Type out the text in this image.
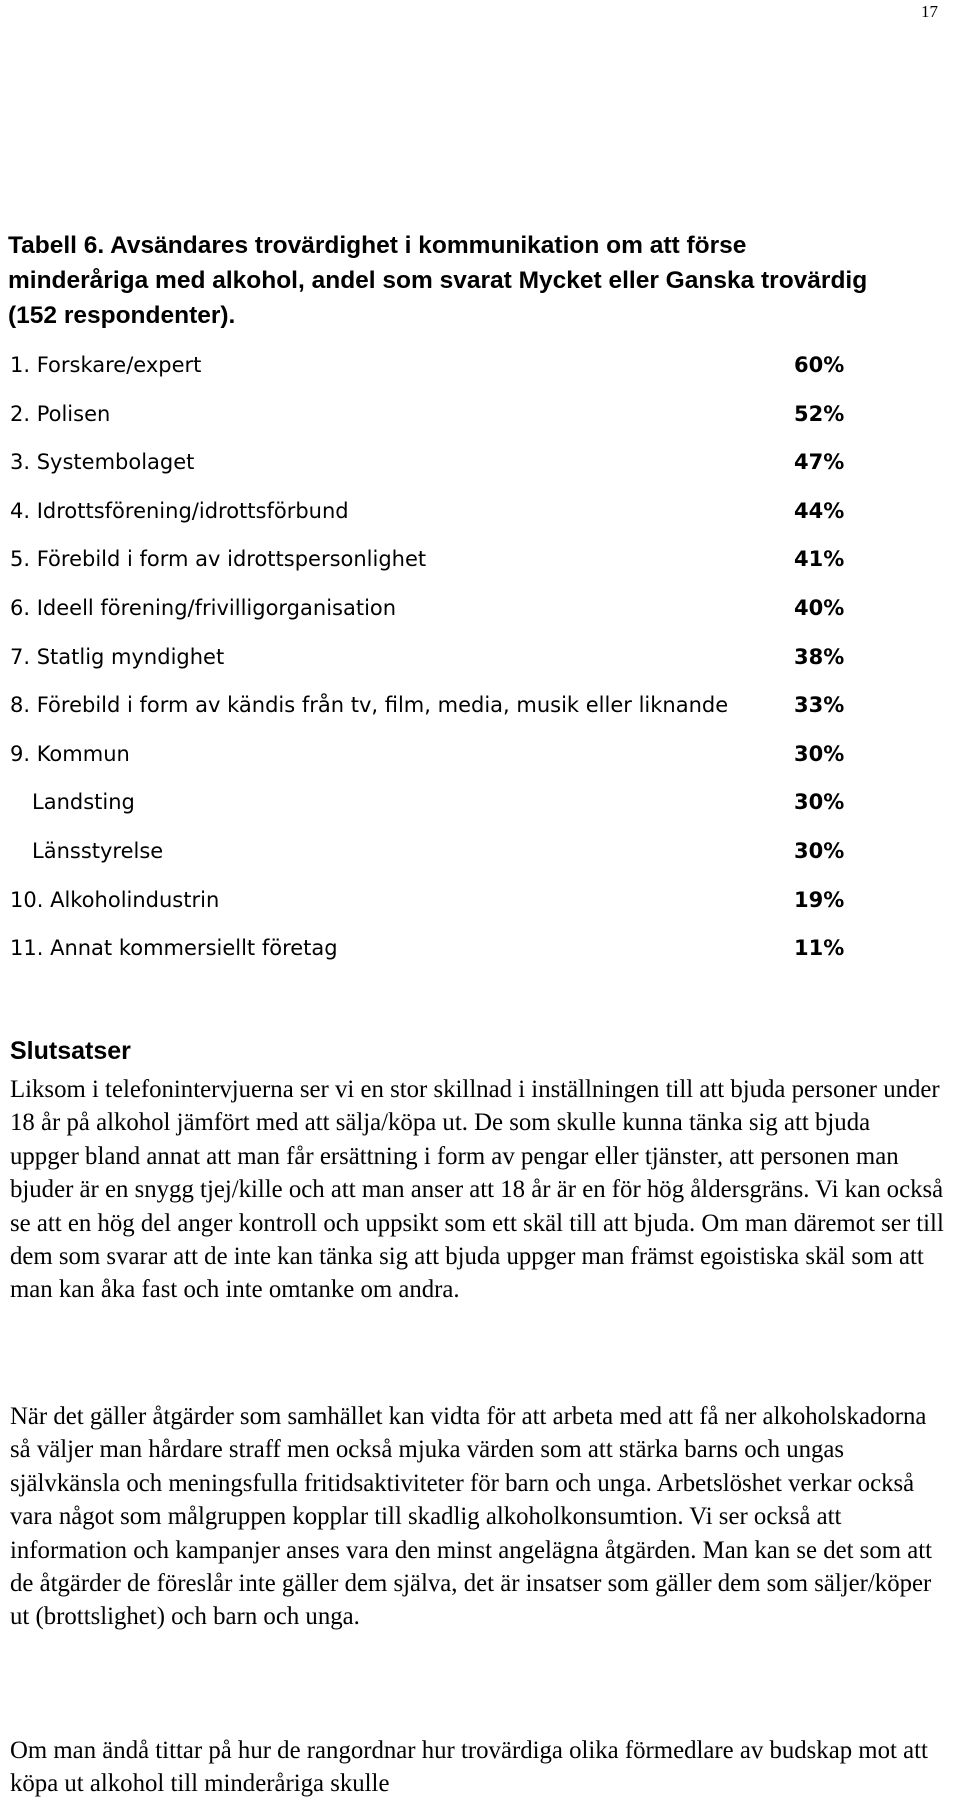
17
Tabell 6. Avsändares trovärdighet i kommunikation om att förse minderåriga med alkohol, andel som svarat Mycket eller Ganska trovärdig (152 respondenter).
1. Forskare/expert	60%
2. Polisen	52%
3. Systembolaget	47%
4. Idrottsförening/idrottsförbund	44%
5. Förebild i form av idrottspersonlighet	41%
6. Ideell förening/frivilligorganisation	40%
7. Statlig myndighet	38%
8. Förebild i form av kändis från tv, film, media, musik eller liknande	33%
9. Kommun	30%
Landsting	30%
Länsstyrelse	30%
10. Alkoholindustrin	19%
11. Annat kommersiellt företag	11%
Slutsatser

Liksom i telefonintervjuerna ser vi en stor skillnad i inställningen till att bjuda personer under 18 år på alkohol jämfört med att sälja/köpa ut. De som skulle kunna tänka sig att bjuda uppger bland annat att man får ersättning i form av pengar eller tjänster, att personen man bjuder är en snygg tjej/kille och att man anser att 18 år är en för hög åldersgräns. Vi kan också se att en hög del anger kontroll och uppsikt som ett skäl till att bjuda. Om man däremot ser till dem som svarar att de inte kan tänka sig att bjuda uppger man främst egoistiska skäl som att man kan åka fast och inte omtanke om andra.

När det gäller åtgärder som samhället kan vidta för att arbeta med att få ner alkoholskadorna så väljer man hårdare straff men också mjuka värden som att stärka barns och ungas självkänsla och meningsfulla fritidsaktiviteter för barn och unga. Arbetslöshet verkar också vara något som målgruppen kopplar till skadlig alkoholkonsumtion. Vi ser också att information och kampanjer anses vara den minst angelägna åtgärden. Man kan se det som att de åtgärder de föreslår inte gäller dem själva, det är insatser som gäller dem som säljer/köper ut (brottslighet) och barn och unga.

Om man ändå tittar på hur de rangordnar hur trovärdiga olika förmedlare av budskap mot att köpa ut alkohol till minderåriga skulle
